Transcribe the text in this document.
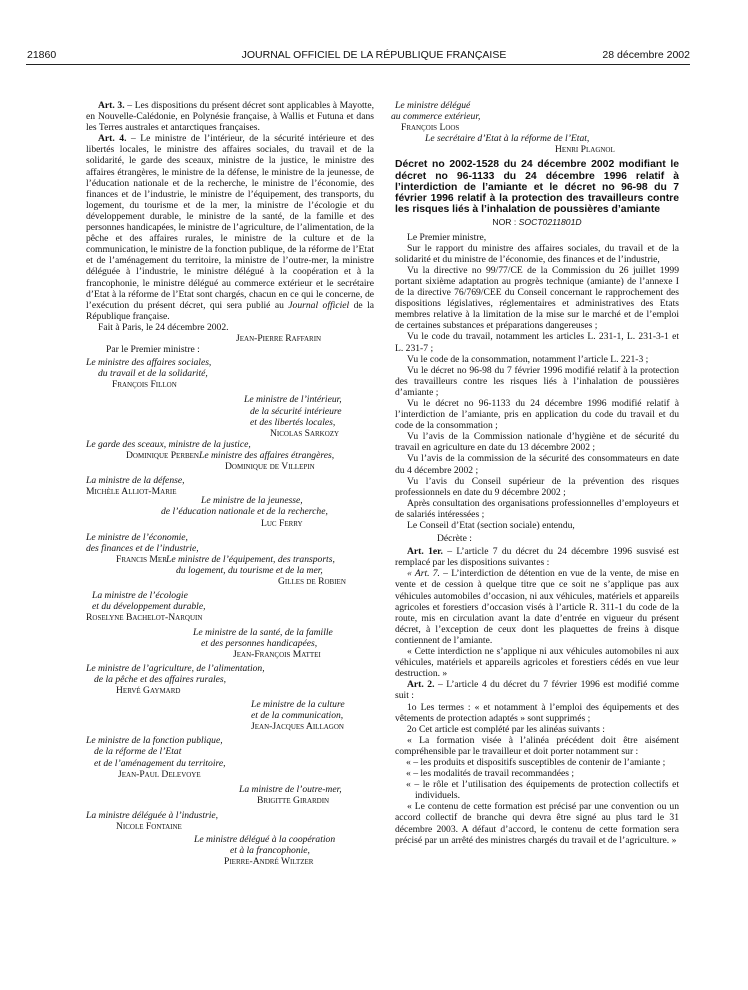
21860	JOURNAL OFFICIEL DE LA RÉPUBLIQUE FRANÇAISE	28 décembre 2002

Art. 3. – Les dispositions du présent décret sont applicables à Mayotte, en Nouvelle-Calédonie, en Polynésie française, à Wallis et Futuna et dans les Terres australes et antarctiques françaises.

Art. 4. – Le ministre de l’intérieur, de la sécurité intérieure et des libertés locales, le ministre des affaires sociales, du travail et de la solidarité, le garde des sceaux, ministre de la justice, le ministre des affaires étrangères, le ministre de la défense, le ministre de la jeunesse, de l’éducation nationale et de la recherche, le ministre de l’économie, des finances et de l’industrie, le ministre de l’équipement, des transports, du logement, du tourisme et de la mer, la ministre de l’écologie et du développement durable, le ministre de la santé, de la famille et des personnes handicapées, le ministre de l’agriculture, de l’alimentation, de la pêche et des affaires rurales, le ministre de la culture et de la communication, le ministre de la fonction publique, de la réforme de l’Etat et de l’aménagement du territoire, la ministre de l’outre-mer, la ministre déléguée à l’industrie, le ministre délégué à la coopération et à la francophonie, le ministre délégué au commerce extérieur et le secrétaire d’Etat à la réforme de l’Etat sont chargés, chacun en ce qui le concerne, de l’exécution du présent décret, qui sera publié au Journal officiel de la République française.

Fait à Paris, le 24 décembre 2002.

Jean-Pierre Raffarin
Par le Premier ministre :
Le ministre des affaires sociales,
du travail et de la solidarité,
François Fillon
Le ministre de l’intérieur,
de la sécurité intérieure
et des libertés locales,
Nicolas Sarkozy
Le garde des sceaux, ministre de la justice,
Dominique Perben Le ministre des affaires étrangères,
Dominique de Villepin
La ministre de la défense,
Michèle Alliot-Marie
Le ministre de la jeunesse,
de l’éducation nationale et de la recherche,
Luc Ferry
Le ministre de l’économie,
des finances et de l’industrie,
Francis Mer Le ministre de l’équipement, des transports,
du logement, du tourisme et de la mer,
Gilles de Robien
La ministre de l’écologie
et du développement durable,
Roselyne Bachelot-Narquin
Le ministre de la santé, de la famille
et des personnes handicapées,
Jean-François Mattei
Le ministre de l’agriculture, de l’alimentation,
de la pêche et des affaires rurales,
Hervé Gaymard
Le ministre de la culture
et de la communication,
Jean-Jacques Aillagon
Le ministre de la fonction publique,
de la réforme de l’Etat
et de l’aménagement du territoire,
Jean-Paul Delevoye
La ministre de l’outre-mer,
Brigitte Girardin
La ministre déléguée à l’industrie,
Nicole Fontaine
Le ministre délégué à la coopération
et à la francophonie,
Pierre-André Wiltzer
Le ministre délégué
au commerce extérieur,
François Loos
Le secrétaire d’Etat à la réforme de l’Etat,
Henri Plagnol

Décret no 2002-1528 du 24 décembre 2002 modifiant le décret no 96-1133 du 24 décembre 1996 relatif à l’interdiction de l’amiante et le décret no 96-98 du 7 février 1996 relatif à la protection des travailleurs contre les risques liés à l’inhalation de poussières d’amiante

NOR : SOCT0211801D

Le Premier ministre,

Sur le rapport du ministre des affaires sociales, du travail et de la solidarité et du ministre de l’économie, des finances et de l’industrie,

Vu la directive no 99/77/CE de la Commission du 26 juillet 1999 portant sixième adaptation au progrès technique (amiante) de l’annexe I de la directive 76/769/CEE du Conseil concernant le rapprochement des dispositions législatives, réglementaires et administratives des Etats membres relative à la limitation de la mise sur le marché et de l’emploi de certaines substances et préparations dangereuses ;

Vu le code du travail, notamment les articles L. 231-1, L. 231-3-1 et L. 231-7 ;

Vu le code de la consommation, notamment l’article L. 221-3 ;

Vu le décret no 96-98 du 7 février 1996 modifié relatif à la protection des travailleurs contre les risques liés à l’inhalation de poussières d’amiante ;

Vu le décret no 96-1133 du 24 décembre 1996 modifié relatif à l’interdiction de l’amiante, pris en application du code du travail et du code de la consommation ;

Vu l’avis de la Commission nationale d’hygiène et de sécurité du travail en agriculture en date du 13 décembre 2002 ;

Vu l’avis de la commission de la sécurité des consommateurs en date du 4 décembre 2002 ;

Vu l’avis du Conseil supérieur de la prévention des risques professionnels en date du 9 décembre 2002 ;

Après consultation des organisations professionnelles d’employeurs et de salariés intéressées ;

Le Conseil d’Etat (section sociale) entendu,

Décrète :

Art. 1er. – L’article 7 du décret du 24 décembre 1996 susvisé est remplacé par les dispositions suivantes :

« Art. 7. – L’interdiction de détention en vue de la vente, de mise en vente et de cession à quelque titre que ce soit ne s’applique pas aux véhicules automobiles d’occasion, ni aux véhicules, matériels et appareils agricoles et forestiers d’occasion visés à l’article R. 311-1 du code de la route, mis en circulation avant la date d’entrée en vigueur du présent décret, à l’exception de ceux dont les plaquettes de freins à disque contiennent de l’amiante.

« Cette interdiction ne s’applique ni aux véhicules automobiles ni aux véhicules, matériels et appareils agricoles et forestiers cédés en vue leur destruction. »

Art. 2. – L’article 4 du décret du 7 février 1996 est modifié comme suit :

1o Les termes : « et notamment à l’emploi des équipements et des vêtements de protection adaptés » sont supprimés ;

2o Cet article est complété par les alinéas suivants :

« La formation visée à l’alinéa précédent doit être aisément compréhensible par le travailleur et doit porter notamment sur :

« – les produits et dispositifs susceptibles de contenir de l’amiante ;

« – les modalités de travail recommandées ;

« – le rôle et l’utilisation des équipements de protection collectifs et individuels.

« Le contenu de cette formation est précisé par une convention ou un accord collectif de branche qui devra être signé au plus tard le 31 décembre 2003. A défaut d’accord, le contenu de cette formation sera précisé par un arrêté des ministres chargés du travail et de l’agriculture. »
